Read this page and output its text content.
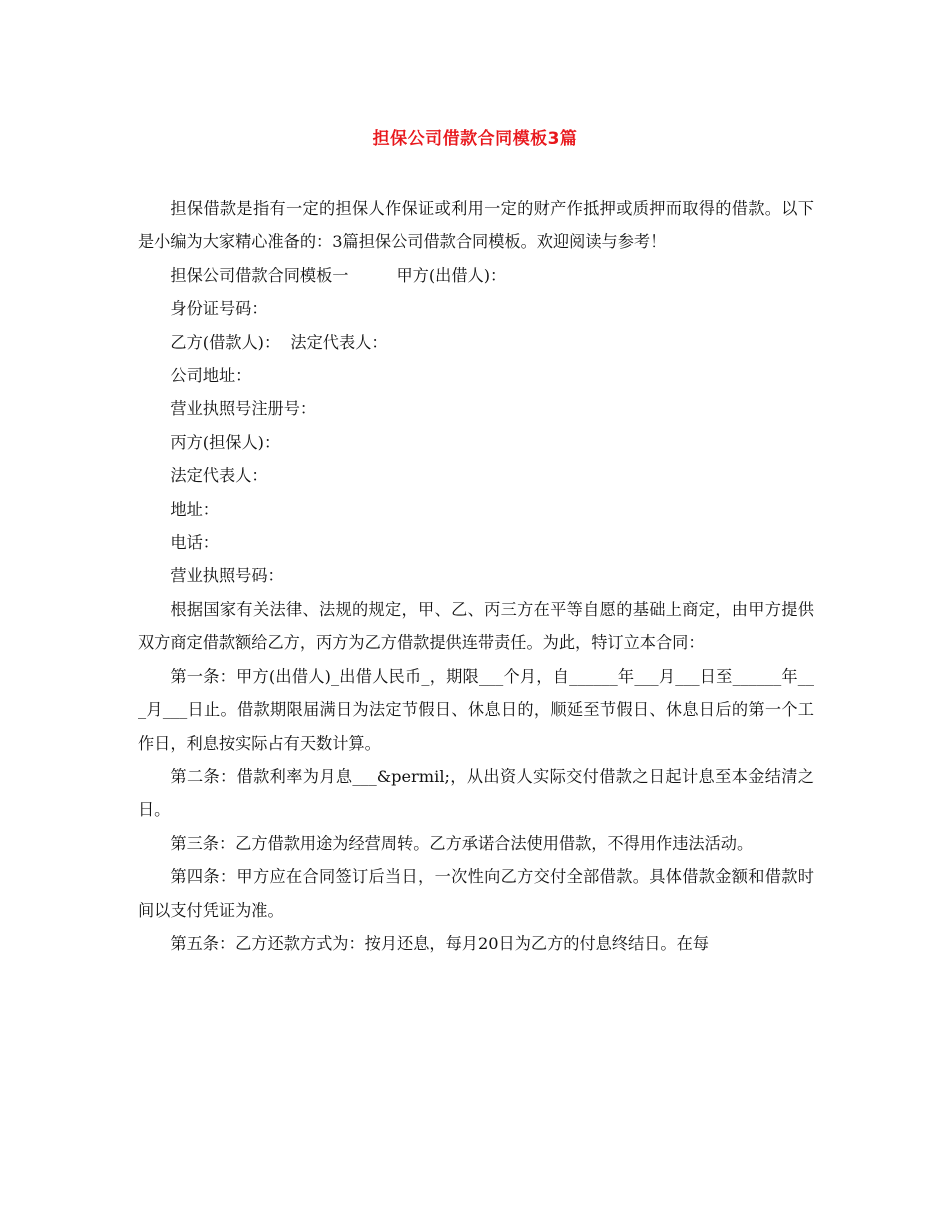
担保公司借款合同模板3篇

担保借款是指有一定的担保人作保证或利用一定的财产作抵押或质押而取得的借款。以下是小编为大家精心准备的：3篇担保公司借款合同模板。欢迎阅读与参考！

担保公司借款合同模板一	甲方(出借人)：

身份证号码：

乙方(借款人)：  法定代表人：

公司地址：

营业执照号注册号：

丙方(担保人)：

法定代表人：

地址：

电话：

营业执照号码：

根据国家有关法律、法规的规定，甲、乙、丙三方在平等自愿的基础上商定，由甲方提供双方商定借款额给乙方，丙方为乙方借款提供连带责任。为此，特订立本合同：

第一条：甲方(出借人)_出借人民币_，期限___个月，自______年___月___日至______年___月___日止。借款期限届满日为法定节假日、休息日的，顺延至节假日、休息日后的第一个工作日，利息按实际占有天数计算。

第二条：借款利率为月息___&permil;，从出资人实际交付借款之日起计息至本金结清之日。

第三条：乙方借款用途为经营周转。乙方承诺合法使用借款，不得用作违法活动。

第四条：甲方应在合同签订后当日，一次性向乙方交付全部借款。具体借款金额和借款时间以支付凭证为准。

第五条：乙方还款方式为：按月还息，每月20日为乙方的付息终结日。在每
